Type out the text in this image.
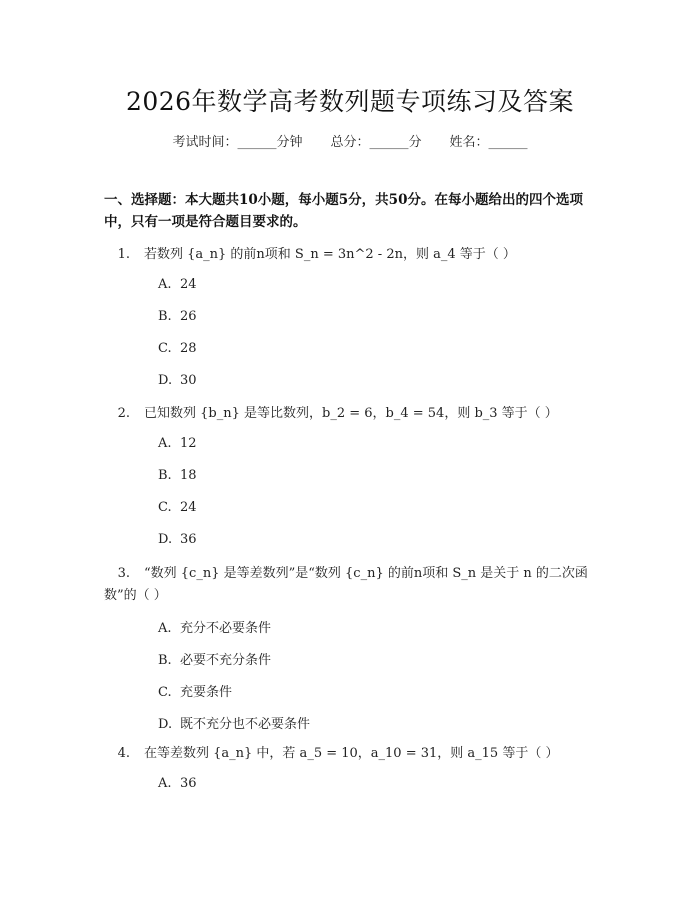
2026年数学高考数列题专项练习及答案
考试时间：______分钟 总分：______分 姓名：______
一、选择题：本大题共10小题，每小题5分，共50分。在每小题给出的四个选项中，只有一项是符合题目要求的。
1. 若数列 {a_n} 的前n项和 S_n = 3n^2 - 2n，则 a_4 等于（ ）
A. 24
B. 26
C. 28
D. 30
2. 已知数列 {b_n} 是等比数列，b_2 = 6，b_4 = 54，则 b_3 等于（ ）
A. 12
B. 18
C. 24
D. 36
3. “数列 {c_n} 是等差数列”是“数列 {c_n} 的前n项和 S_n 是关于 n 的二次函数”的（ ）
A. 充分不必要条件
B. 必要不充分条件
C. 充要条件
D. 既不充分也不必要条件
4. 在等差数列 {a_n} 中，若 a_5 = 10，a_10 = 31，则 a_15 等于（ ）
A. 36
